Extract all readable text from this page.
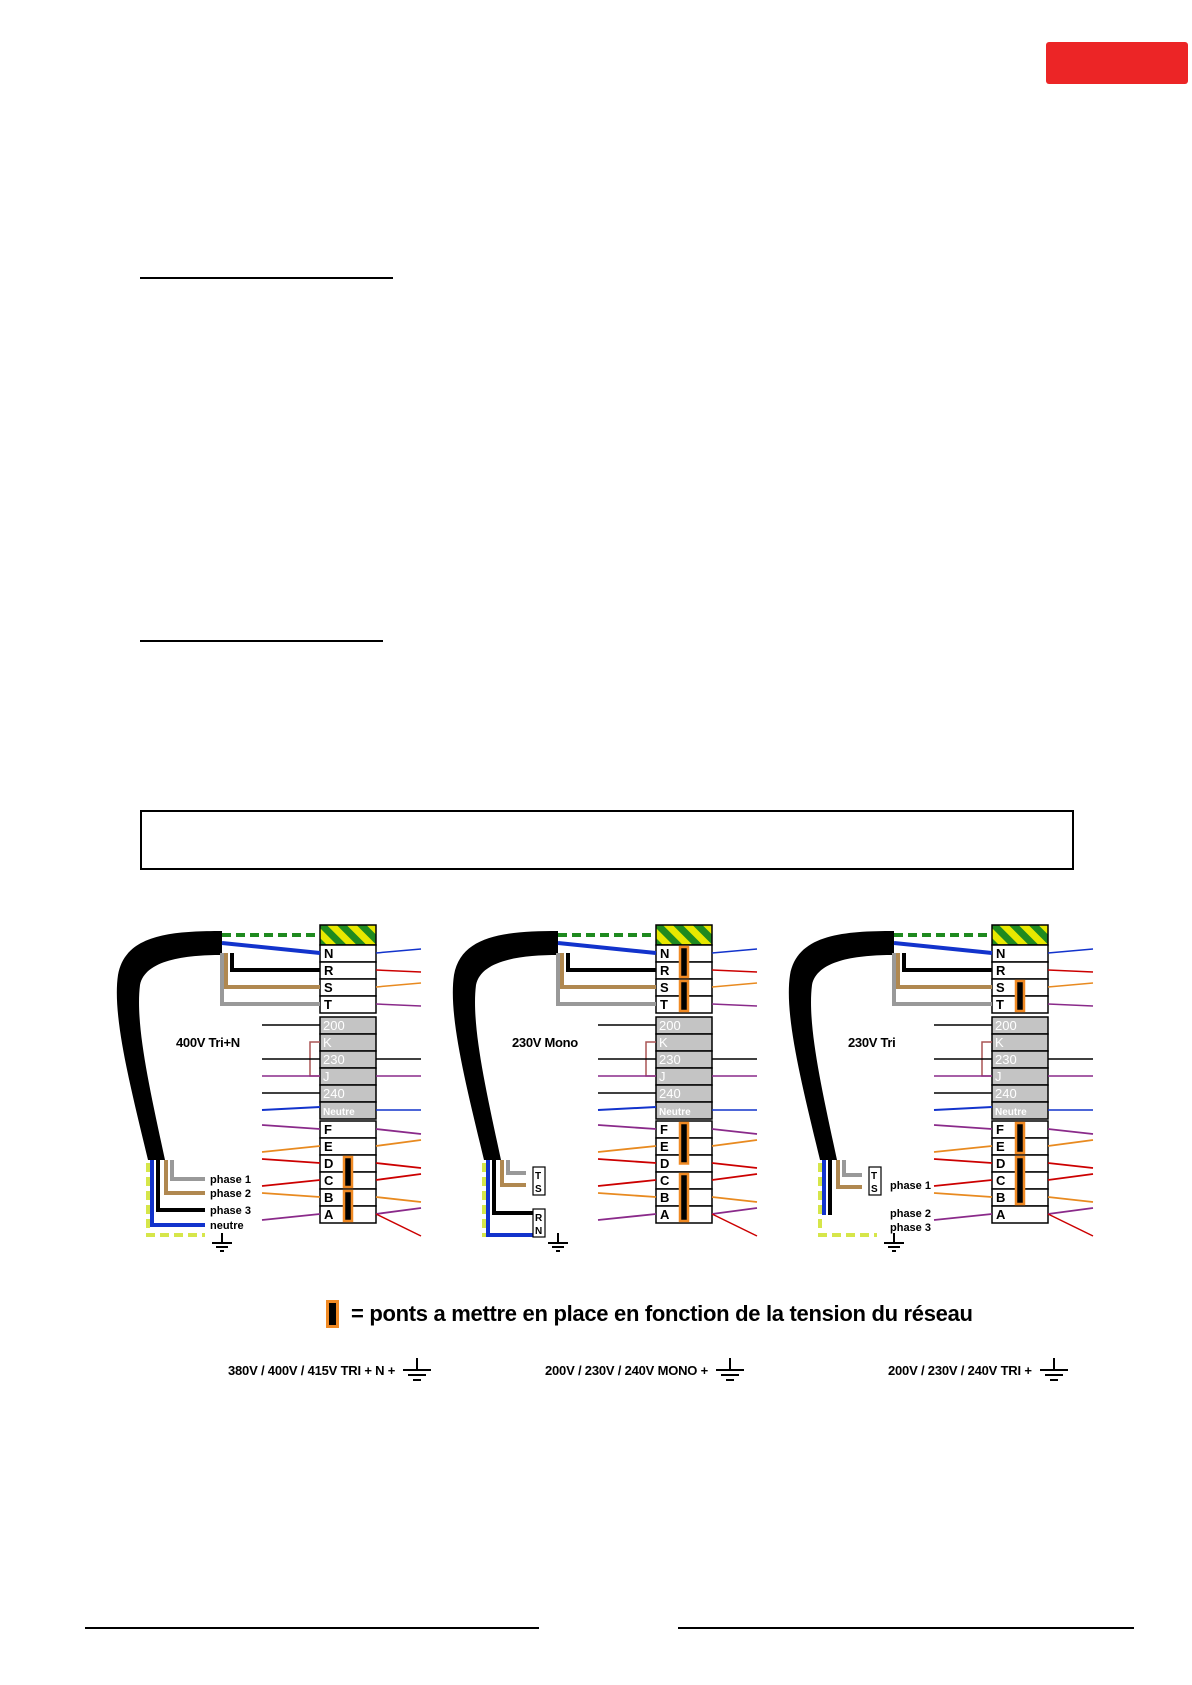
N
R
S
T
200
K
230
J
240
Neutre
F
E
D
C
B
A
400V Tri+N
phase 1
phase 2
phase 3
neutre
N
R
S
T
200
K
230
J
240
Neutre
F
E
D
C
B
A
230V Mono
T
S
R
N
N
R
S
T
200
K
230
J
240
Neutre
F
E
D
C
B
A
230V Tri
T
S phase 1
phase 2
phase 3
= ponts a mettre en place en fonction de la tension du réseau
380V / 400V / 415V TRI + N +	200V / 230V / 240V MONO +	200V / 230V / 240V TRI +
